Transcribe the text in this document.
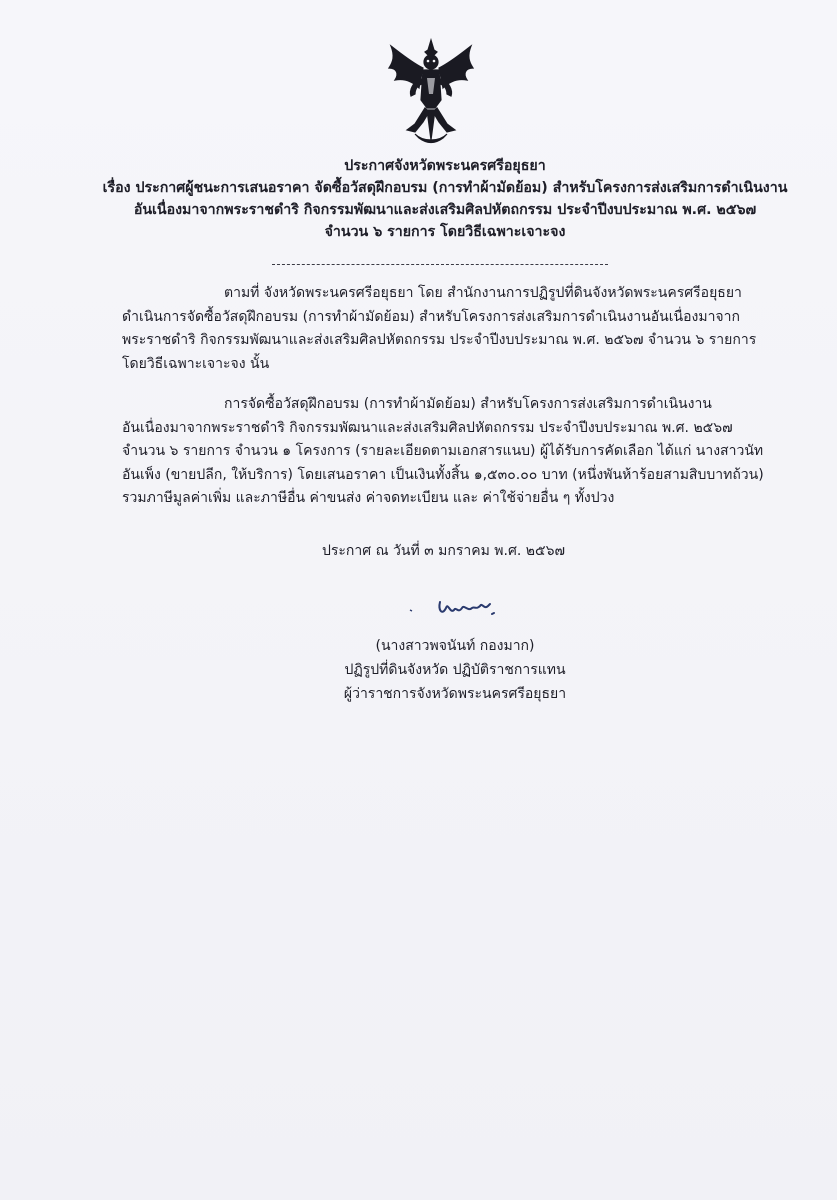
ประกาศจังหวัดพระนครศรีอยุธยา
เรื่อง ประกาศผู้ชนะการเสนอราคา จัดซื้อวัสดุฝึกอบรม (การทำผ้ามัดย้อม) สำหรับโครงการส่งเสริมการดำเนินงาน
อันเนื่องมาจากพระราชดำริ กิจกรรมพัฒนาและส่งเสริมศิลปหัตถกรรม ประจำปีงบประมาณ พ.ศ. ๒๕๖๗
จำนวน ๖ รายการ โดยวิธีเฉพาะเจาะจง
ตามที่ จังหวัดพระนครศรีอยุธยา โดย สำนักงานการปฏิรูปที่ดินจังหวัดพระนครศรีอยุธยา
ดำเนินการจัดซื้อวัสดุฝึกอบรม (การทำผ้ามัดย้อม) สำหรับโครงการส่งเสริมการดำเนินงานอันเนื่องมาจาก
พระราชดำริ กิจกรรมพัฒนาและส่งเสริมศิลปหัตถกรรม ประจำปีงบประมาณ พ.ศ. ๒๕๖๗ จำนวน ๖ รายการ
โดยวิธีเฉพาะเจาะจง นั้น
การจัดซื้อวัสดุฝึกอบรม (การทำผ้ามัดย้อม) สำหรับโครงการส่งเสริมการดำเนินงาน
อันเนื่องมาจากพระราชดำริ กิจกรรมพัฒนาและส่งเสริมศิลปหัตถกรรม ประจำปีงบประมาณ พ.ศ. ๒๕๖๗
จำนวน ๖ รายการ จำนวน ๑ โครงการ (รายละเอียดตามเอกสารแนบ) ผู้ได้รับการคัดเลือก ได้แก่ นางสาวนัท
อันเพ็ง (ขายปลีก, ให้บริการ) โดยเสนอราคา เป็นเงินทั้งสิ้น ๑,๕๓๐.๐๐ บาท (หนึ่งพันห้าร้อยสามสิบบาทถ้วน)
รวมภาษีมูลค่าเพิ่ม และภาษีอื่น ค่าขนส่ง ค่าจดทะเบียน และ ค่าใช้จ่ายอื่น ๆ ทั้งปวง
ประกาศ ณ วันที่ ๓ มกราคม พ.ศ. ๒๕๖๗
(นางสาวพจนันท์ กองมาก)
ปฏิรูปที่ดินจังหวัด ปฏิบัติราชการแทน
ผู้ว่าราชการจังหวัดพระนครศรีอยุธยา
